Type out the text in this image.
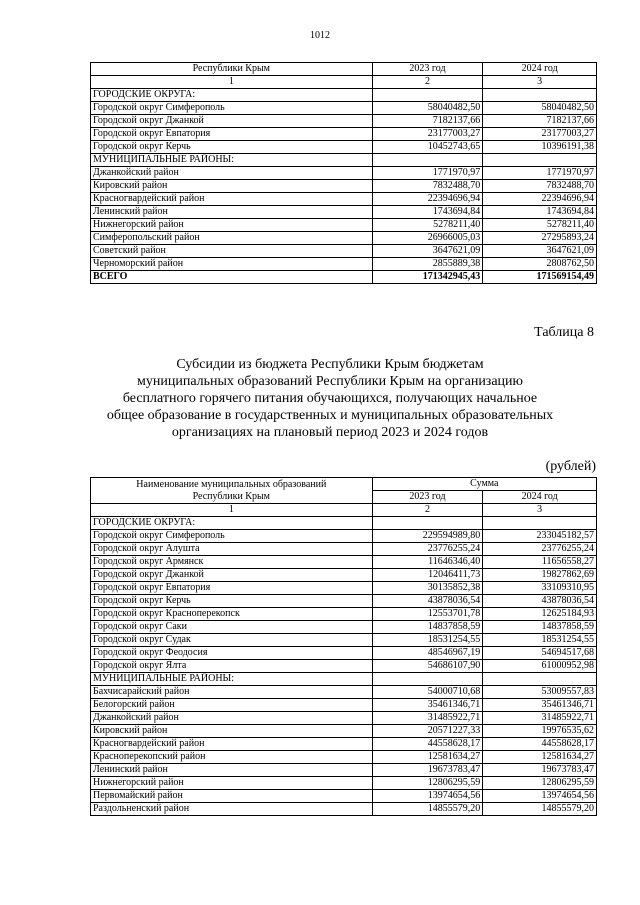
1012
Республики Крым	2023 год	2024 год
1	2	3
ГОРОДСКИЕ ОКРУГА:		
Городской округ Симферополь	58040482,50	58040482,50
Городской округ Джанкой	7182137,66	7182137,66
Городской округ Евпатория	23177003,27	23177003,27
Городской округ Керчь	10452743,65	10396191,38
МУНИЦИПАЛЬНЫЕ РАЙОНЫ:		
Джанкойский район	1771970,97	1771970,97
Кировский район	7832488,70	7832488,70
Красногвардейский район	22394696,94	22394696,94
Ленинский район	1743694,84	1743694,84
Нижнегорский район	5278211,40	5278211,40
Симферопольский район	26966005,03	27295893,24
Советский район	3647621,09	3647621,09
Черноморский район	2855889,38	2808762,50
ВСЕГО	171342945,43	171569154,49
Таблица 8
Субсидии из бюджета Республики Крым бюджетам
муниципальных образований Республики Крым на организацию
бесплатного горячего питания обучающихся, получающих начальное
общее образование в государственных и муниципальных образовательных
организациях на плановый период 2023 и 2024 годов
(рублей)
Наименование муниципальных образований
Республики Крым	Сумма	
	2023 год	2024 год
1	2	3
ГОРОДСКИЕ ОКРУГА:		
Городской округ Симферополь	229594989,80	233045182,57
Городской округ Алушта	23776255,24	23776255,24
Городской округ Армянск	11646346,40	11656558,27
Городской округ Джанкой	12046411,73	19827862,69
Городской округ Евпатория	30135852,38	33109310,95
Городской округ Керчь	43878036,54	43878036,54
Городской округ Красноперекопск	12553701,78	12625184,93
Городской округ Саки	14837858,59	14837858,59
Городской округ Судак	18531254,55	18531254,55
Городской округ Феодосия	48546967,19	54694517,68
Городской округ Ялта	54686107,90	61000952,98
МУНИЦИПАЛЬНЫЕ РАЙОНЫ:		
Бахчисарайский район	54000710,68	53009557,83
Белогорский район	35461346,71	35461346,71
Джанкойский район	31485922,71	31485922,71
Кировский район	20571227,33	19976535,62
Красногвардейский район	44558628,17	44558628,17
Красноперекопский район	12581634,27	12581634,27
Ленинский район	19673783,47	19673783,47
Нижнегорский район	12806295,59	12806295,59
Первомайский район	13974654,56	13974654,56
Раздольненский район	14855579,20	14855579,20
